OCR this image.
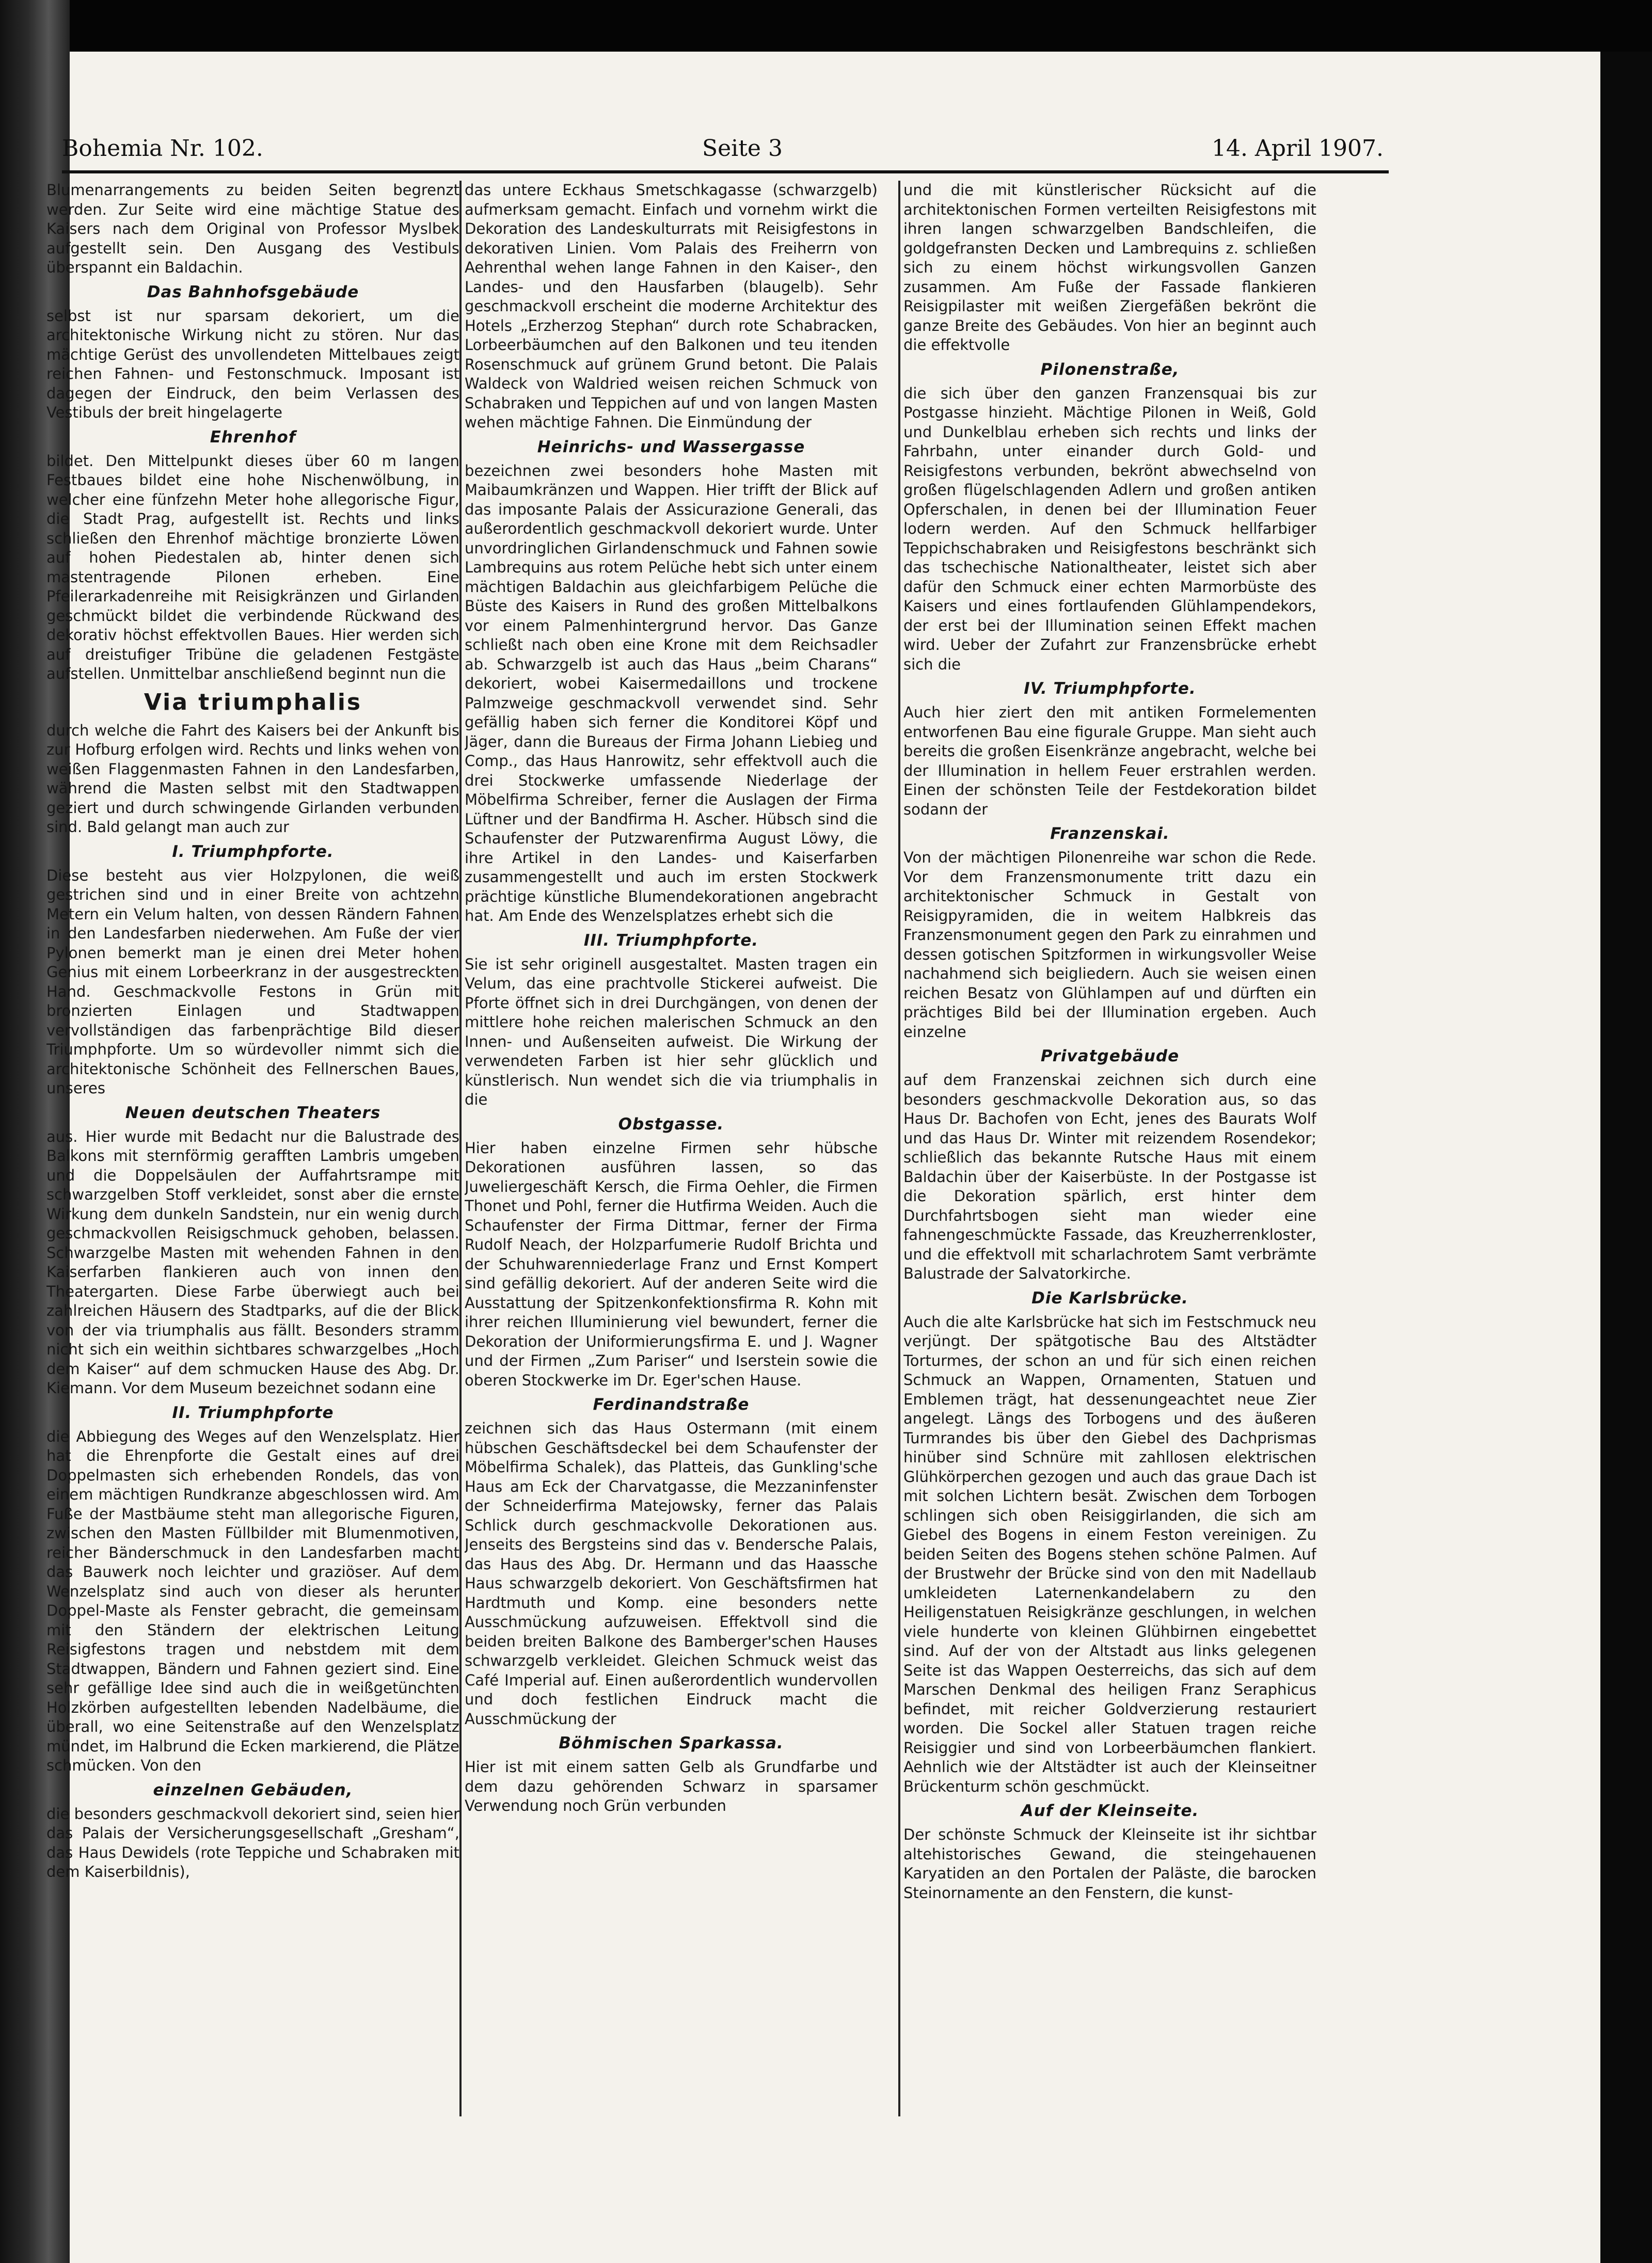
Bohemia Nr. 102.	Seite 3	14. April 1907.

Blumenarrangements zu beiden Seiten begrenzt werden. Zur Seite wird eine mächtige Statue des Kaisers nach dem Original von Professor Myslbek aufgestellt sein. Den Ausgang des Vestibuls überspannt ein Baldachin.

Das Bahnhofsgebäude

selbst ist nur sparsam dekoriert, um die architektonische Wirkung nicht zu stören. Nur das mächtige Gerüst des unvollendeten Mittelbaues zeigt reichen Fahnen- und Festonschmuck. Imposant ist dagegen der Eindruck, den beim Verlassen des Vestibuls der breit hingelagerte

Ehrenhof

bildet. Den Mittelpunkt dieses über 60 m langen Festbaues bildet eine hohe Nischenwölbung, in welcher eine fünfzehn Meter hohe allegorische Figur, die Stadt Prag, aufgestellt ist. Rechts und links schließen den Ehrenhof mächtige bronzierte Löwen auf hohen Piedestalen ab, hinter denen sich mastentragende Pilonen erheben. Eine Pfeilerarkadenreihe mit Reisigkränzen und Girlanden geschmückt bildet die verbindende Rückwand des dekorativ höchst effektvollen Baues. Hier werden sich auf dreistufiger Tribüne die geladenen Festgäste aufstellen. Unmittelbar anschließend beginnt nun die

Via triumphalis

durch welche die Fahrt des Kaisers bei der Ankunft bis zur Hofburg erfolgen wird. Rechts und links wehen von weißen Flaggenmasten Fahnen in den Landesfarben, während die Masten selbst mit den Stadtwappen geziert und durch schwingende Girlanden verbunden sind. Bald gelangt man auch zur

I. Triumphpforte.

Diese besteht aus vier Holzpylonen, die weiß gestrichen sind und in einer Breite von achtzehn Metern ein Velum halten, von dessen Rändern Fahnen in den Landesfarben niederwehen. Am Fuße der vier Pylonen bemerkt man je einen drei Meter hohen Genius mit einem Lorbeerkranz in der ausgestreckten Hand. Geschmackvolle Festons in Grün mit bronzierten Einlagen und Stadtwappen vervollständigen das farbenprächtige Bild dieser Triumphpforte. Um so würdevoller nimmt sich die architektonische Schönheit des Fellnerschen Baues, unseres

Neuen deutschen Theaters

aus. Hier wurde mit Bedacht nur die Balustrade des Balkons mit sternförmig gerafften Lambris umgeben und die Doppelsäulen der Auffahrtsrampe mit schwarzgelben Stoff verkleidet, sonst aber die ernste Wirkung dem dunkeln Sandstein, nur ein wenig durch geschmackvollen Reisigschmuck gehoben, belassen. Schwarzgelbe Masten mit wehenden Fahnen in den Kaiserfarben flankieren auch von innen den Theatergarten. Diese Farbe überwiegt auch bei zahlreichen Häusern des Stadtparks, auf die der Blick von der via triumphalis aus fällt. Besonders stramm nicht sich ein weithin sichtbares schwarzgelbes „Hoch dem Kaiser“ auf dem schmucken Hause des Abg. Dr. Kiemann. Vor dem Museum bezeichnet sodann eine

II. Triumphpforte

die Abbiegung des Weges auf den Wenzelsplatz. Hier hat die Ehrenpforte die Gestalt eines auf drei Doppelmasten sich erhebenden Rondels, das von einem mächtigen Rundkranze abgeschlossen wird. Am Fuße der Mastbäume steht man allegorische Figuren, zwischen den Masten Füllbilder mit Blumenmotiven, reicher Bänderschmuck in den Landesfarben macht das Bauwerk noch leichter und graziöser. Auf dem Wenzelsplatz sind auch von dieser als herunter Doppel-Maste als Fenster gebracht, die gemeinsam mit den Ständern der elektrischen Leitung Reisigfestons tragen und nebstdem mit dem Stadtwappen, Bändern und Fahnen geziert sind. Eine sehr gefällige Idee sind auch die in weißgetünchten Holzkörben aufgestellten lebenden Nadelbäume, die überall, wo eine Seitenstraße auf den Wenzelsplatz mündet, im Halbrund die Ecken markierend, die Plätze schmücken. Von den

einzelnen Gebäuden,

die besonders geschmackvoll dekoriert sind, seien hier das Palais der Versicherungsgesellschaft „Gresham“, das Haus Dewidels (rote Teppiche und Schabraken mit dem Kaiserbildnis),

das untere Eckhaus Smetschkagasse (schwarzgelb) aufmerksam gemacht. Einfach und vornehm wirkt die Dekoration des Landeskulturrats mit Reisigfestons in dekorativen Linien. Vom Palais des Freiherrn von Aehrenthal wehen lange Fahnen in den Kaiser-, den Landes- und den Hausfarben (blaugelb). Sehr geschmackvoll erscheint die moderne Architektur des Hotels „Erzherzog Stephan“ durch rote Schabracken, Lorbeerbäumchen auf den Balkonen und teu itenden Rosenschmuck auf grünem Grund betont. Die Palais Waldeck von Waldried weisen reichen Schmuck von Schabraken und Teppichen auf und von langen Masten wehen mächtige Fahnen. Die Einmündung der

Heinrichs- und Wassergasse

bezeichnen zwei besonders hohe Masten mit Maibaumkränzen und Wappen. Hier trifft der Blick auf das imposante Palais der Assicurazione Generali, das außerordentlich geschmackvoll dekoriert wurde. Unter unvordringlichen Girlandenschmuck und Fahnen sowie Lambrequins aus rotem Pelüche hebt sich unter einem mächtigen Baldachin aus gleichfarbigem Pelüche die Büste des Kaisers in Rund des großen Mittelbalkons vor einem Palmenhintergrund hervor. Das Ganze schließt nach oben eine Krone mit dem Reichsadler ab. Schwarzgelb ist auch das Haus „beim Charans“ dekoriert, wobei Kaisermedaillons und trockene Palmzweige geschmackvoll verwendet sind. Sehr gefällig haben sich ferner die Konditorei Köpf und Jäger, dann die Bureaus der Firma Johann Liebieg und Comp., das Haus Hanrowitz, sehr effektvoll auch die drei Stockwerke umfassende Niederlage der Möbelfirma Schreiber, ferner die Auslagen der Firma Lüftner und der Bandfirma H. Ascher. Hübsch sind die Schaufenster der Putzwarenfirma August Löwy, die ihre Artikel in den Landes- und Kaiserfarben zusammengestellt und auch im ersten Stockwerk prächtige künstliche Blumendekorationen angebracht hat. Am Ende des Wenzelsplatzes erhebt sich die

III. Triumphpforte.

Sie ist sehr originell ausgestaltet. Masten tragen ein Velum, das eine prachtvolle Stickerei aufweist. Die Pforte öffnet sich in drei Durchgängen, von denen der mittlere hohe reichen malerischen Schmuck an den Innen- und Außenseiten aufweist. Die Wirkung der verwendeten Farben ist hier sehr glücklich und künstlerisch. Nun wendet sich die via triumphalis in die

Obstgasse.

Hier haben einzelne Firmen sehr hübsche Dekorationen ausführen lassen, so das Juweliergeschäft Kersch, die Firma Oehler, die Firmen Thonet und Pohl, ferner die Hutfirma Weiden. Auch die Schaufenster der Firma Dittmar, ferner der Firma Rudolf Neach, der Holzparfumerie Rudolf Brichta und der Schuhwarenniederlage Franz und Ernst Kompert sind gefällig dekoriert. Auf der anderen Seite wird die Ausstattung der Spitzenkonfektionsfirma R. Kohn mit ihrer reichen Illuminierung viel bewundert, ferner die Dekoration der Uniformierungsfirma E. und J. Wagner und der Firmen „Zum Pariser“ und Iserstein sowie die oberen Stockwerke im Dr. Eger'schen Hause.

Ferdinandstraße

zeichnen sich das Haus Ostermann (mit einem hübschen Geschäftsdeckel bei dem Schaufenster der Möbelfirma Schalek), das Platteis, das Gunkling'sche Haus am Eck der Charvatgasse, die Mezzaninfenster der Schneiderfirma Matejowsky, ferner das Palais Schlick durch geschmackvolle Dekorationen aus. Jenseits des Bergsteins sind das v. Bendersche Palais, das Haus des Abg. Dr. Hermann und das Haassche Haus schwarzgelb dekoriert. Von Geschäftsfirmen hat Hardtmuth und Komp. eine besonders nette Ausschmückung aufzuweisen. Effektvoll sind die beiden breiten Balkone des Bamberger'schen Hauses schwarzgelb verkleidet. Gleichen Schmuck weist das Café Imperial auf. Einen außerordentlich wundervollen und doch festlichen Eindruck macht die Ausschmückung der

Böhmischen Sparkassa.

Hier ist mit einem satten Gelb als Grundfarbe und dem dazu gehörenden Schwarz in sparsamer Verwendung noch Grün verbunden

und die mit künstlerischer Rücksicht auf die architektonischen Formen verteilten Reisigfestons mit ihren langen schwarzgelben Bandschleifen, die goldgefransten Decken und Lambrequins z. schließen sich zu einem höchst wirkungsvollen Ganzen zusammen. Am Fuße der Fassade flankieren Reisigpilaster mit weißen Ziergefäßen bekrönt die ganze Breite des Gebäudes. Von hier an beginnt auch die effektvolle

Pilonenstraße,

die sich über den ganzen Franzensquai bis zur Postgasse hinzieht. Mächtige Pilonen in Weiß, Gold und Dunkelblau erheben sich rechts und links der Fahrbahn, unter einander durch Gold- und Reisigfestons verbunden, bekrönt abwechselnd von großen flügelschlagenden Adlern und großen antiken Opferschalen, in denen bei der Illumination Feuer lodern werden. Auf den Schmuck hellfarbiger Teppichschabraken und Reisigfestons beschränkt sich das tschechische Nationaltheater, leistet sich aber dafür den Schmuck einer echten Marmorbüste des Kaisers und eines fortlaufenden Glühlampendekors, der erst bei der Illumination seinen Effekt machen wird. Ueber der Zufahrt zur Franzensbrücke erhebt sich die

IV. Triumphpforte.

Auch hier ziert den mit antiken Formelementen entworfenen Bau eine figurale Gruppe. Man sieht auch bereits die großen Eisenkränze angebracht, welche bei der Illumination in hellem Feuer erstrahlen werden. Einen der schönsten Teile der Festdekoration bildet sodann der

Franzenskai.

Von der mächtigen Pilonenreihe war schon die Rede. Vor dem Franzensmonumente tritt dazu ein architektonischer Schmuck in Gestalt von Reisigpyramiden, die in weitem Halbkreis das Franzensmonument gegen den Park zu einrahmen und dessen gotischen Spitzformen in wirkungsvoller Weise nachahmend sich beigliedern. Auch sie weisen einen reichen Besatz von Glühlampen auf und dürften ein prächtiges Bild bei der Illumination ergeben. Auch einzelne

Privatgebäude

auf dem Franzenskai zeichnen sich durch eine besonders geschmackvolle Dekoration aus, so das Haus Dr. Bachofen von Echt, jenes des Baurats Wolf und das Haus Dr. Winter mit reizendem Rosendekor; schließlich das bekannte Rutsche Haus mit einem Baldachin über der Kaiserbüste. In der Postgasse ist die Dekoration spärlich, erst hinter dem Durchfahrtsbogen sieht man wieder eine fahnengeschmückte Fassade, das Kreuzherrenkloster, und die effektvoll mit scharlachrotem Samt verbrämte Balustrade der Salvatorkirche.

Die Karlsbrücke.

Auch die alte Karlsbrücke hat sich im Festschmuck neu verjüngt. Der spätgotische Bau des Altstädter Torturmes, der schon an und für sich einen reichen Schmuck an Wappen, Ornamenten, Statuen und Emblemen trägt, hat dessenungeachtet neue Zier angelegt. Längs des Torbogens und des äußeren Turmrandes bis über den Giebel des Dachprismas hinüber sind Schnüre mit zahllosen elektrischen Glühkörperchen gezogen und auch das graue Dach ist mit solchen Lichtern besät. Zwischen dem Torbogen schlingen sich oben Reisiggirlanden, die sich am Giebel des Bogens in einem Feston vereinigen. Zu beiden Seiten des Bogens stehen schöne Palmen. Auf der Brustwehr der Brücke sind von den mit Nadellaub umkleideten Laternenkandelabern zu den Heiligenstatuen Reisigkränze geschlungen, in welchen viele hunderte von kleinen Glühbirnen eingebettet sind. Auf der von der Altstadt aus links gelegenen Seite ist das Wappen Oesterreichs, das sich auf dem Marschen Denkmal des heiligen Franz Seraphicus befindet, mit reicher Goldverzierung restauriert worden. Die Sockel aller Statuen tragen reiche Reisiggier und sind von Lorbeerbäumchen flankiert. Aehnlich wie der Altstädter ist auch der Kleinseitner Brückenturm schön geschmückt.

Auf der Kleinseite.

Der schönste Schmuck der Kleinseite ist ihr sichtbar altehistorisches Gewand, die steingehauenen Karyatiden an den Portalen der Paläste, die barocken Steinornamente an den Fenstern, die kunst-
